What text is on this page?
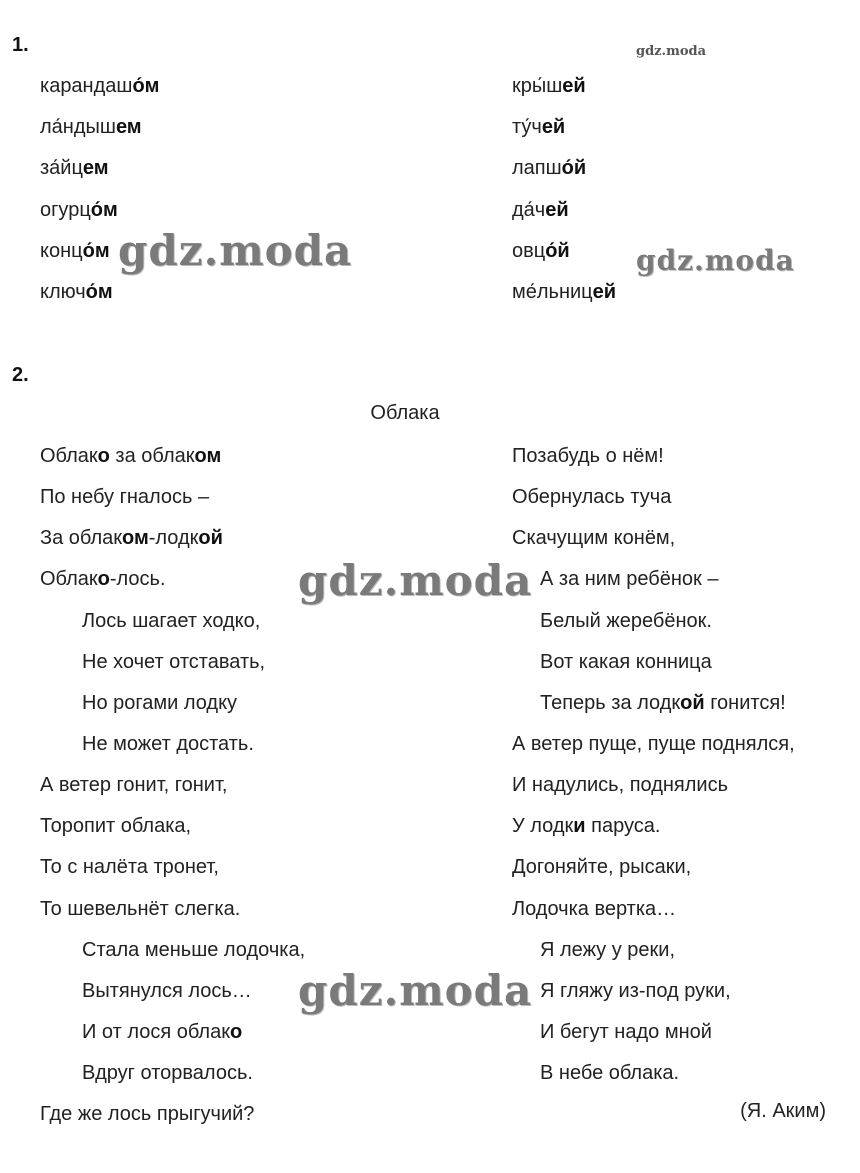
1.
карандашо́м
ла́ндышем
за́йцем
огурцо́м
концо́м
ключо́м
кры́шей
ту́чей
лапшо́й
да́чей
овцо́й
ме́льницей
2.
Облака
Облако за облаком
По небу гналось –
За облаком-лодкой
Облако-лось.
Лось шагает ходко,
Не хочет отставать,
Но рогами лодку
Не может достать.
А ветер гонит, гонит,
Торопит облака,
То с налёта тронет,
То шевельнёт слегка.
Стала меньше лодочка,
Вытянулся лось…
И от лося облако
Вдруг оторвалось.
Где же лось прыгучий?
Позабудь о нём!
Обернулась туча
Скачущим конём,
А за ним ребёнок –
Белый жеребёнок.
Вот какая конница
Теперь за лодкой гонится!
А ветер пуще, пуще поднялся,
И надулись, поднялись
У лодки паруса.
Догоняйте, рысаки,
Лодочка вертка…
Я лежу у реки,
Я гляжу из-под руки,
И бегут надо мной
В небе облака.
(Я. Аким)
gdz.moda
gdz.moda	gdz.moda
gdz.moda
gdz.moda
